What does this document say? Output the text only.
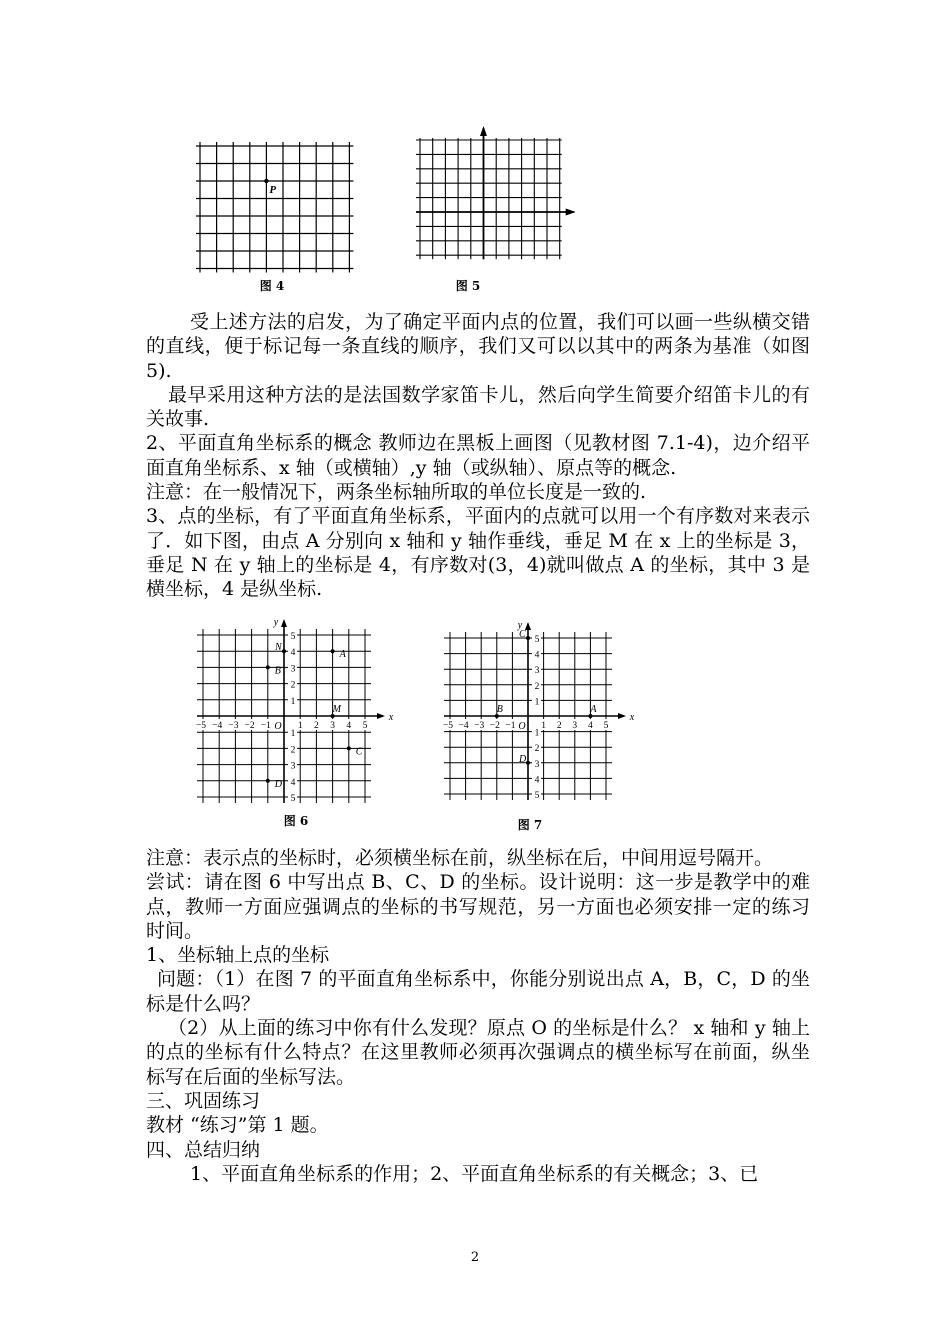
P
图 4	图 5

受上述方法的启发，为了确定平面内点的位置，我们可以画一些纵横交错的直线，便于标记每一条直线的顺序，我们又可以以其中的两条为基准（如图 5).

最早采用这种方法的是法国数学家笛卡儿，然后向学生简要介绍笛卡儿的有关故事.

2、平面直角坐标系的概念 教师边在黑板上画图（见教材图 7.1-4)，边介绍平面直角坐标系、x 轴（或横轴）,y 轴（或纵轴）、原点等的概念.

注意：在一般情况下，两条坐标轴所取的单位长度是一致的.

3、点的坐标，有了平面直角坐标系，平面内的点就可以用一个有序数对来表示了．如下图，由点 A 分别向 x 轴和 y 轴作垂线，垂足 M 在 x 上的坐标是 3，垂足 N 在 y 轴上的坐标是 4，有序数对(3，4)就叫做点 A 的坐标，其中 3 是横坐标，4 是纵坐标.

x
y
O
−5 −4 −3 −2 −1	1 2 3 4 5
5
4
3
2
1
1
2
3
4
5
A
B
C
D
M
N
图 6
x
y
O
−5 −4 −3 −2 −1	1 2 3 4 5
5
4
3
2
1
1
2
3
4
5
A
B
C
D
图 7

注意：表示点的坐标时，必须横坐标在前，纵坐标在后，中间用逗号隔开。

尝试：请在图 6 中写出点 B、C、D 的坐标。设计说明：这一步是教学中的难点，教师一方面应强调点的坐标的书写规范，另一方面也必须安排一定的练习时间。

1、坐标轴上点的坐标

问题：（1）在图 7 的平面直角坐标系中，你能分别说出点 A，B，C，D 的坐标是什么吗？

（2）从上面的练习中你有什么发现？原点 O 的坐标是什么？ x 轴和 y 轴上的点的坐标有什么特点？在这里教师必须再次强调点的横坐标写在前面，纵坐标写在后面的坐标写法。

三、巩固练习

教材 “练习”第 1 题。

四、总结归纳

1、平面直角坐标系的作用；2、平面直角坐标系的有关概念；3、已

2
